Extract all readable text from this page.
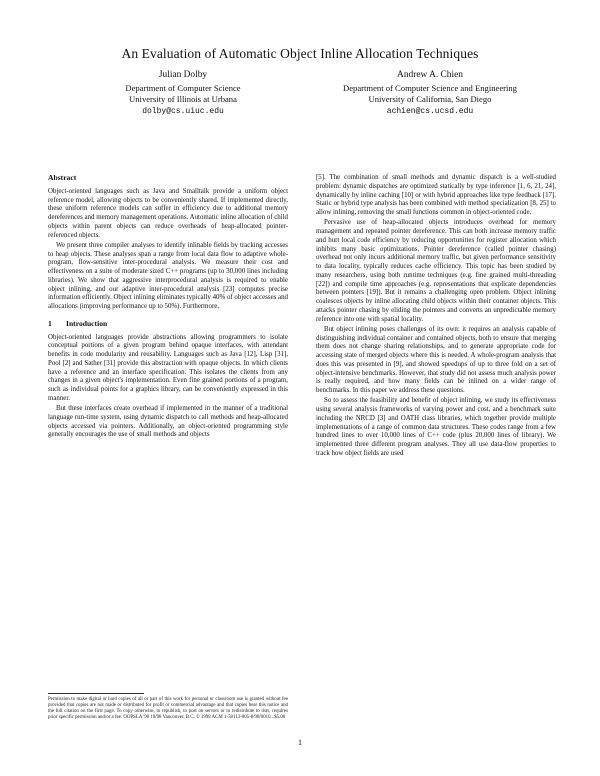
An Evaluation of Automatic Object Inline Allocation Techniques
Julian Dolby
Department of Computer Science
University of Illinois at Urbana
dolby@cs.uiuc.edu
Andrew A. Chien
Department of Computer Science and Engineering
University of California, San Diego
achien@cs.ucsd.edu
Abstract

Object-oriented languages such as Java and Smalltalk provide a uniform object reference model, allowing objects to be conveniently shared. If implemented directly, these uniform reference models can suffer in efficiency due to additional memory dereferences and memory management operations. Automatic inline allocation of child objects within parent objects can reduce overheads of heap-allocated pointer-referenced objects.

We present three compiler analyses to identify inlinable fields by tracking accesses to heap objects. These analyses span a range from local data flow to adaptive whole-program, flow-sensitive inter-procedural analysis. We measure their cost and effectiveness on a suite of moderate sized C++ programs (up to 30,000 lines including libraries). We show that aggressive interprocedural analysis is required to enable object inlining, and our adaptive inter-procedural analysis [23] computes precise information efficiently. Object inlining eliminates typically 40% of object accesses and allocations (improving performance up to 50%). Furthermore,

1 Introduction

Object-oriented languages provide abstractions allowing programmers to isolate conceptual portions of a given program behind opaque interfaces, with attendant benefits in code modularity and reusability. Languages such as Java [12], Lisp [31], Pool [2] and Sather [31] provide this abstraction with opaque objects. In which clients have a reference and an interface specification. This isolates the clients from any changes in a given object's implementation. Even fine grained portions of a program, such as individual points for a graphics library, can be conveniently expressed in this manner.

But these interfaces create overhead if implemented in the manner of a traditional language run-time system, using dynamic dispatch to call methods and heap-allocated objects accessed via pointers. Additionally, an object-oriented programming style generally encourages the use of small methods and objects

[5]. The combination of small methods and dynamic dispatch is a well-studied problem: dynamic dispatches are optimized statically by type inference [1, 6, 21, 24], dynamically by inline caching [10] or with hybrid approaches like type feedback [17]. Static or hybrid type analysis has been combined with method specialization [8, 25] to allow inlining, removing the small functions common in object-oriented code.

Pervasive use of heap-allocated objects introduces overhead for memory management and repeated pointer dereference. This can both increase memory traffic and hurt local code efficiency by reducing opportunities for register allocation which inhibits many basic optimizations. Pointer dereference (called pointer chasing) overhead not only incurs additional memory traffic, but given performance sensitivity to data locality, typically reduces cache efficiency. This topic has been studied by many researchers, using both runtime techniques (e.g. fine grained multi-threading [22]) and compile time approaches (e.g. representations that explicate dependencies between pointers [19]). But it remains a challenging open problem. Object inlining coalesces objects by inline allocating child objects within their container objects. This attacks pointer chasing by eliding the pointers and converts an unpredictable memory reference into one with spatial locality.

But object inlining poses challenges of its own: it requires an analysis capable of distinguishing individual container and contained objects, both to ensure that merging them does not change sharing relationships, and to generate appropriate code for accessing state of merged objects where this is needed. A whole-program analysis that does this was presented in [9], and showed speedups of up to three fold on a set of object-intensive benchmarks. However, that study did not assess much analysis power is really required, and how many fields can be inlined on a wider range of benchmarks. In this paper we address these questions.

So to assess the feasibility and benefit of object inlining, we study its effectiveness using several analysis frameworks of varying power and cost, and a benchmark suite including the NRCD [3] and OATH class libraries, which together provide multiple implementations of a range of common data structures. These codes range from a few hundred lines to over 10,000 lines of C++ code (plus 20,000 lines of library). We implemented three different program analyses. They all use data-flow properties to track how object fields are used

Permission to make digital or hard copies of all or part of this work for personal or classroom use is granted without fee provided that copies are not made or distributed for profit or commercial advantage and that copies bear this notice and the full citation on the first page. To copy otherwise, to republish, to post on servers or to redistribute to lists, requires prior specific permission and/or a fee. OOPSLA '98 10/98 Vancouver, B.C. © 1998 ACM 1-58113-005-8/98/0010...$5.00
1
